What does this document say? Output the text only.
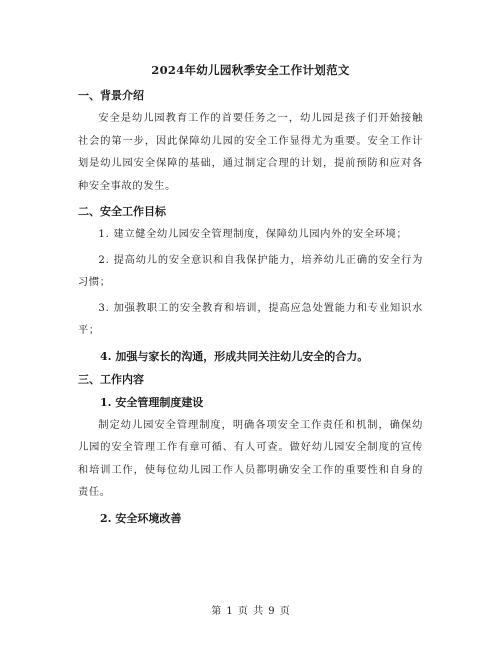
2024年幼儿园秋季安全工作计划范文
一、背景介绍
安全是幼儿园教育工作的首要任务之一，幼儿园是孩子们开始接触社会的第一步，因此保障幼儿园的安全工作显得尤为重要。安全工作计划是幼儿园安全保障的基础，通过制定合理的计划，提前预防和应对各种安全事故的发生。
二、安全工作目标
1. 建立健全幼儿园安全管理制度，保障幼儿园内外的安全环境；
2. 提高幼儿的安全意识和自我保护能力，培养幼儿正确的安全行为习惯；
3. 加强教职工的安全教育和培训，提高应急处置能力和专业知识水平；
4. 加强与家长的沟通，形成共同关注幼儿安全的合力。
三、工作内容
1. 安全管理制度建设
制定幼儿园安全管理制度，明确各项安全工作责任和机制，确保幼儿园的安全管理工作有章可循、有人可查。做好幼儿园安全制度的宣传和培训工作，使每位幼儿园工作人员都明确安全工作的重要性和自身的责任。
2. 安全环境改善
第 1 页 共 9 页
